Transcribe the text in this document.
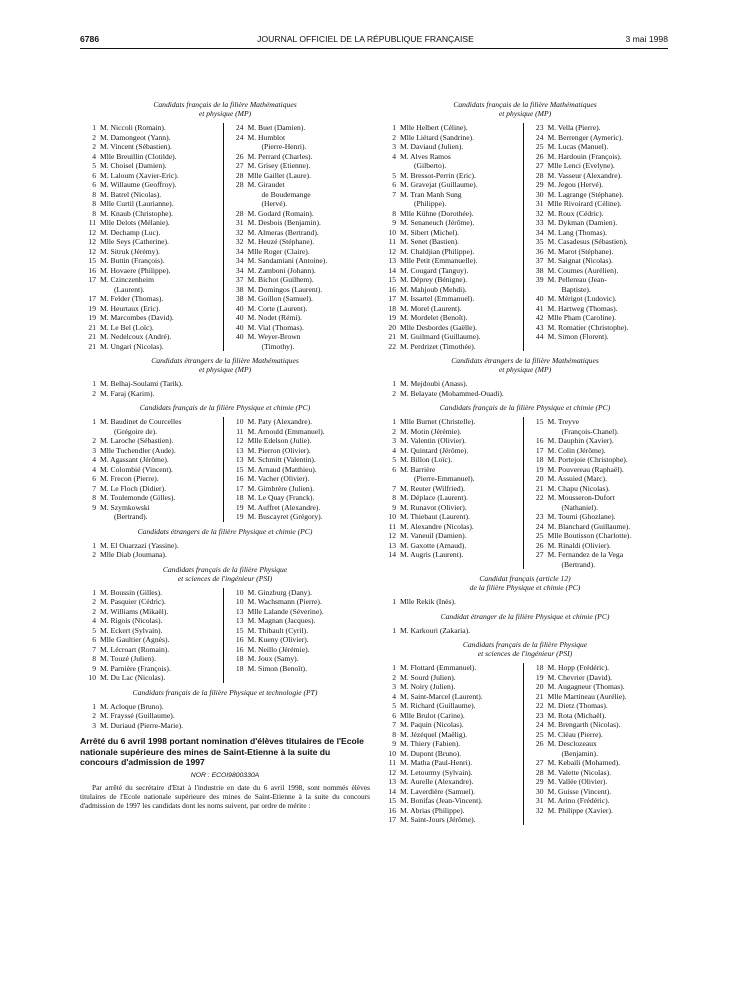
6786	JOURNAL OFFICIEL DE LA RÉPUBLIQUE FRANÇAISE	3 mai 1998
Candidats français de la filière Mathématiques
et physique (MP)
1 M. Niccoli (Romain).
2 M. Damongeot (Yann).
2 M. Vincent (Sébastien).
4 Mlle Breuillin (Clotilde).
5 M. Choisel (Damien).
6 M. Laloum (Xavier-Eric).
6 M. Willaume (Geoffroy).
8 M. Batrel (Nicolas).
8 Mlle Curtil (Laurianne).
8 M. Knaub (Christophe).
11 Mlle Delots (Mélanie).
12 M. Dechamp (Luc).
12 Mlle Seys (Catherine).
12 M. Sitruk (Jérémy).
15 M. Buttin (François).
16 M. Hovaere (Philippe).
17 M. Czinczenheim
(Laurent).
17 M. Felder (Thomas).
19 M. Heurtaux (Eric).
19 M. Marcombes (David).
21 M. Le Bel (Loïc).
21 M. Nedelcoux (André).
21 M. Ungari (Nicolas).
24 M. Buet (Damien).
24 M. Humblot
(Pierre-Henri).
26 M. Perrard (Charles).
27 M. Grisey (Etienne).
28 Mlle Gaillet (Laure).
28 M. Giraudet
de Boudemange
(Hervé).
28 M. Godard (Romain).
31 M. Desbois (Benjamin).
32 M. Almeras (Bertrand).
32 M. Heuzé (Stéphane).
34 Mlle Roger (Claire).
34 M. Sandamiani (Antoine).
34 M. Zamboni (Johann).
37 M. Bichot (Guilhem).
38 M. Domingos (Laurent).
38 M. Goillon (Samuel).
40 M. Corte (Laurent).
40 M. Nodet (Rémi).
40 M. Vial (Thomas).
40 M. Weyer-Brown
(Timothy).
Candidats étrangers de la filière Mathématiques
et physique (MP)
1 M. Belhaj-Soulami (Tarik).
2 M. Faraj (Karim).
Candidats français de la filière Physique et chimie (PC)
1 M. Baudinet de Courcelles
(Grégoire de).
2 M. Laroche (Sébastien).
3 Mlle Tuchendler (Aude).
4 M. Agassant (Jérôme).
4 M. Colombié (Vincent).
6 M. Frecon (Pierre).
7 M. Le Floch (Didier).
8 M. Toulemonde (Gilles).
9 M. Szymkowski
(Bertrand).
10 M. Paty (Alexandre).
11 M. Arnould (Emmanuel).
12 Mlle Edelson (Julie).
13 M. Pierron (Olivier).
13 M. Schmitt (Valentin).
15 M. Arnaud (Matthieu).
16 M. Vacher (Olivier).
17 M. Gimbrère (Julien).
18 M. Le Quay (Franck).
19 M. Auffret (Alexandre).
19 M. Buscayret (Grégory).
Candidats étrangers de la filière Physique et chimie (PC)
1 M. El Ouarzazi (Yassine).
2 Mlle Diab (Joumana).
Candidats français de la filière Physique
et sciences de l'ingénieur (PSI)
1 M. Boussin (Gilles).
2 M. Pasquier (Cédric).
2 M. Williams (Mikaël).
4 M. Rigois (Nicolas).
5 M. Eckert (Sylvain).
6 Mlle Gaultier (Agnès).
7 M. Lécroart (Romain).
8 M. Touzé (Julien).
9 M. Parnière (François).
10 M. Du Lac (Nicolas).
10 M. Ginzburg (Dany).
10 M. Wachsmann (Pierre).
13 Mlle Lalande (Séverine).
13 M. Magnan (Jacques).
15 M. Thibault (Cyril).
16 M. Kueny (Olivier).
16 M. Neillo (Jérémie).
18 M. Joux (Samy).
18 M. Simon (Benoît).
Candidats français de la filière Physique et technologie (PT)
1 M. Acloque (Bruno).
2 M. Frayssé (Guillaume).
3 M. Duriaud (Pierre-Marie).
Arrêté du 6 avril 1998 portant nomination d'élèves titulaires de l'Ecole nationale supérieure des mines de Saint-Etienne à la suite du concours d'admission de 1997
NOR : ECOI9800330A
Par arrêté du secrétaire d'Etat à l'industrie en date du 6 avril 1998, sont nommés élèves titulaires de l'Ecole nationale supérieure des mines de Saint-Etienne à la suite du concours d'admission de 1997 les candidats dont les noms suivent, par ordre de mérite :
Candidats français de la filière Mathématiques
et physique (MP)
1 Mlle Helbert (Céline).
2 Mlle Liétard (Sandrine).
3 M. Daviaud (Julien).
4 M. Alves Ramos
(Gilberto).
5 M. Bressot-Perrin (Eric).
6 M. Gravejat (Guillaume).
7 M. Tran Manh Sung
(Philippe).
8 Mlle Kühne (Dorothée).
9 M. Senaneuch (Jérôme).
10 M. Sibert (Michel).
11 M. Senet (Bastien).
12 M. Chaldjian (Philippe).
13 Mlle Petit (Emmanuelle).
14 M. Cougard (Tanguy).
15 M. Déprey (Bénigne).
16 M. Mahjoub (Mehdi).
17 M. Issartel (Emmanuel).
18 M. Morel (Laurent).
19 M. Mordelet (Benoît).
20 Mlle Desbordes (Gaëlle).
21 M. Guilmard (Guillaume).
22 M. Perdrizet (Timothée).
23 M. Vella (Pierre).
24 M. Berrenger (Aymeric).
25 M. Lucas (Manuel).
26 M. Hardouin (François).
27 Mlle Lenci (Evelyne).
28 M. Vasseur (Alexandre).
29 M. Jegou (Hervé).
30 M. Lagrange (Stéphane).
31 Mlle Rivoirard (Céline).
32 M. Roux (Cédric).
33 M. Dykman (Damien).
34 M. Lang (Thomas).
35 M. Casadesus (Sébastien).
36 M. Marot (Stéphane).
37 M. Saignat (Nicolas).
38 M. Coumes (Aurélien).
39 M. Pellereau (Jean-
Baptiste).
40 M. Mérigot (Ludovic).
41 M. Hartweg (Thomas).
42 Mlle Pham (Caroline).
43 M. Romatier (Christophe).
44 M. Simon (Florent).
Candidats étrangers de la filière Mathématiques
et physique (MP)
1 M. Mejdoubi (Anass).
2 M. Belayate (Mohammed-Ouadi).
Candidats français de la filière Physique et chimie (PC)
1 Mlle Burnet (Christelle).
2 M. Motin (Jérémie).
3 M. Valentin (Olivier).
4 M. Quintard (Jérôme).
5 M. Billon (Loïc).
6 M. Barrière
(Pierre-Emmanuel).
7 M. Reuter (Wilfried).
8 M. Déplace (Laurent).
9 M. Runavot (Olivier).
10 M. Thiebaut (Laurent).
11 M. Alexandre (Nicolas).
12 M. Vaneuil (Damien).
13 M. Gaxotte (Arnaud).
14 M. Augris (Laurent).
15 M. Treyve
(François-Chanel).
16 M. Dauphin (Xavier).
17 M. Colin (Jérôme).
18 M. Portejoie (Christophe).
19 M. Pouvereau (Raphaël).
20 M. Assuied (Marc).
21 M. Chapu (Nicolas).
22 M. Mousseron-Dufort
(Nathaniel).
23 M. Toumi (Ghozlane).
24 M. Blanchard (Guillaume).
25 Mlle Boutisson (Charlotte).
26 M. Rinaldi (Olivier).
27 M. Fernandez de la Vega
(Bertrand).
Candidat français (article 12)
de la filière Physique et chimie (PC)
1 Mlle Rekik (Inès).
Candidat étranger de la filière Physique et chimie (PC)
1 M. Karkouri (Zakaria).
Candidats français de la filière Physique
et sciences de l'ingénieur (PSI)
1 M. Flottard (Emmanuel).
2 M. Sourd (Julien).
3 M. Noiry (Julien).
4 M. Saint-Marcel (Laurent).
5 M. Richard (Guillaume).
6 Mlle Brulot (Carine).
7 M. Paquin (Nicolas).
8 M. Jézéquel (Maëlig).
9 M. Thiery (Fabien).
10 M. Dupont (Bruno).
11 M. Matha (Paul-Henri).
12 M. Letourmy (Sylvain).
13 M. Aurelle (Alexandre).
14 M. Laverdière (Samuel).
15 M. Bonifas (Jean-Vincent).
16 M. Abrias (Philippe).
17 M. Saint-Jours (Jérôme).
18 M. Hopp (Frédéric).
19 M. Chevrier (David).
20 M. Augagneur (Thomas).
21 Mlle Martineau (Aurélie).
22 M. Dietz (Thomas).
23 M. Rota (Michaël).
24 M. Brengarth (Nicolas).
25 M. Cléau (Pierre).
26 M. Desclozeaux
(Benjamin).
27 M. Kebaili (Mohamed).
28 M. Valette (Nicolas).
29 M. Vallée (Olivier).
30 M. Guisse (Vincent).
31 M. Arino (Frédéric).
32 M. Philippe (Xavier).
